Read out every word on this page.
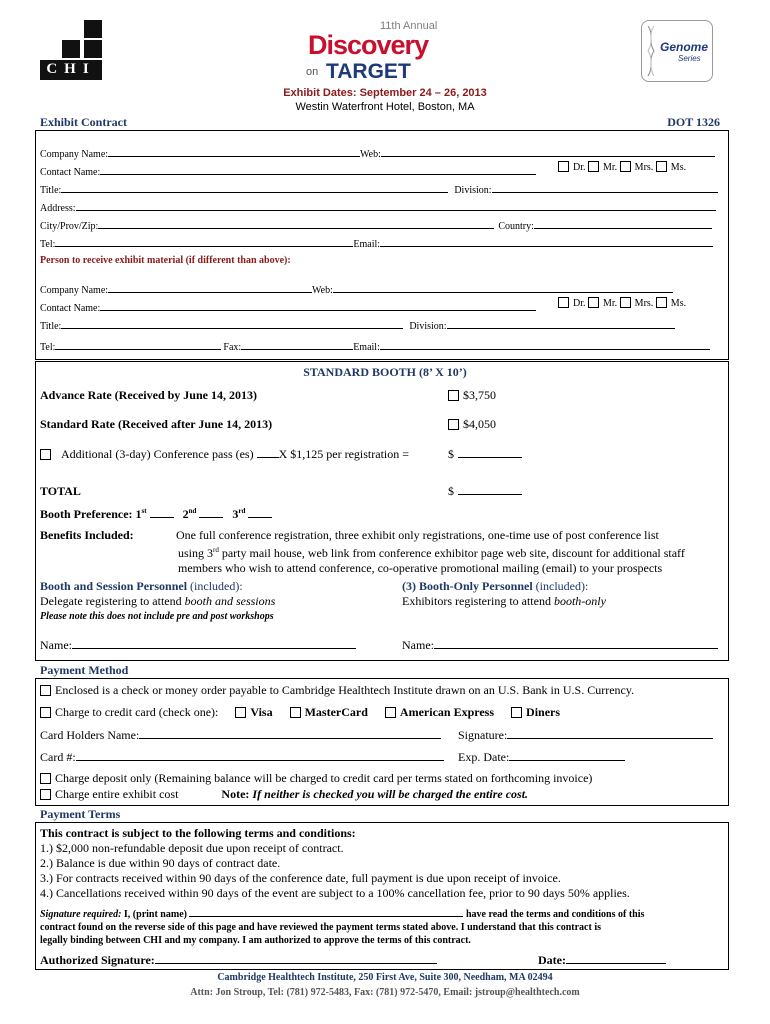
CHI
11th Annual
Discovery
on TARGET
Genome
Series
Exhibit Dates: September 24 – 26, 2013
Westin Waterfront Hotel, Boston, MA
Exhibit Contract	DOT 1326
Company Name:	Web:
Contact Name:	Dr. Mr. Mrs. Ms.
Title:	Division:
Address:
City/Prov/Zip:	Country:
Tel:	Email:
Person to receive exhibit material (if different than above):
Company Name:	Web:
Contact Name:	Dr. Mr. Mrs. Ms.
Title:	Division:
Tel:	Fax:	Email:
STANDARD BOOTH (8’ X 10’)
Advance Rate (Received by June 14, 2013)	$3,750
Standard Rate (Received after June 14, 2013)	$4,050
Additional (3-day) Conference pass (es) X $1,125 per registration =	$
TOTAL	$
Booth Preference: 1st	2nd	3rd
Benefits Included:	One full conference registration, three exhibit only registrations, one-time use of post conference list
using 3rd party mail house, web link from conference exhibitor page web site, discount for additional staff
members who wish to attend conference, co-operative promotional mailing (email) to your prospects
Booth and Session Personnel (included):
Delegate registering to attend booth and sessions
Please note this does not include pre and post workshops
(3) Booth-Only Personnel (included):
Exhibitors registering to attend booth-only
Name:	Name:
Payment Method
Enclosed is a check or money order payable to Cambridge Healthtech Institute drawn on an U.S. Bank in U.S. Currency.
Charge to credit card (check one):	Visa	MasterCard	American Express	Diners
Card Holders Name:	Signature:
Card #:	Exp. Date:
Charge deposit only (Remaining balance will be charged to credit card per terms stated on forthcoming invoice)
Charge entire exhibit cost	Note: If neither is checked you will be charged the entire cost.
Payment Terms
This contract is subject to the following terms and conditions:
1.) $2,000 non-refundable deposit due upon receipt of contract.
2.) Balance is due within 90 days of contract date.
3.) For contracts received within 90 days of the conference date, full payment is due upon receipt of invoice.
4.) Cancellations received within 90 days of the event are subject to a 100% cancellation fee, prior to 90 days 50% applies.
Signature required: I, (print name)	have read the terms and conditions of this
contract found on the reverse side of this page and have reviewed the payment terms stated above. I understand that this contract is
legally binding between CHI and my company. I am authorized to approve the terms of this contract.
Authorized Signature:	Date:
Cambridge Healthtech Institute, 250 First Ave, Suite 300, Needham, MA 02494
Attn: Jon Stroup, Tel: (781) 972-5483, Fax: (781) 972-5470, Email: jstroup@healthtech.com
